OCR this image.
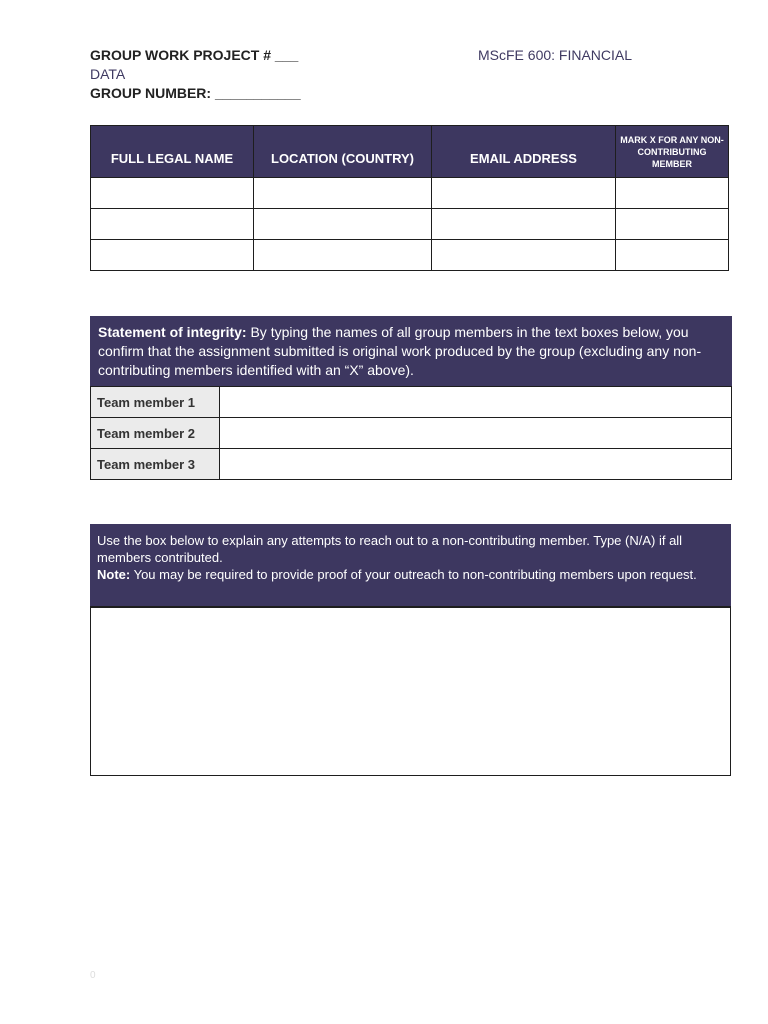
GROUP WORK PROJECT # ___
DATA
GROUP NUMBER: ___________
MScFE 600: FINANCIAL
FULL LEGAL NAME	LOCATION (COUNTRY)	EMAIL ADDRESS	MARK X FOR ANY NON-CONTRIBUTING MEMBER

Statement of integrity: By typing the names of all group members in the text boxes below, you confirm that the assignment submitted is original work produced by the group (excluding any non-contributing members identified with an “X” above).
Team member 1	
Team member 2	
Team member 3	
Use the box below to explain any attempts to reach out to a non-contributing member. Type (N/A) if all members contributed.
Note: You may be required to provide proof of your outreach to non-contributing members upon request.
0
